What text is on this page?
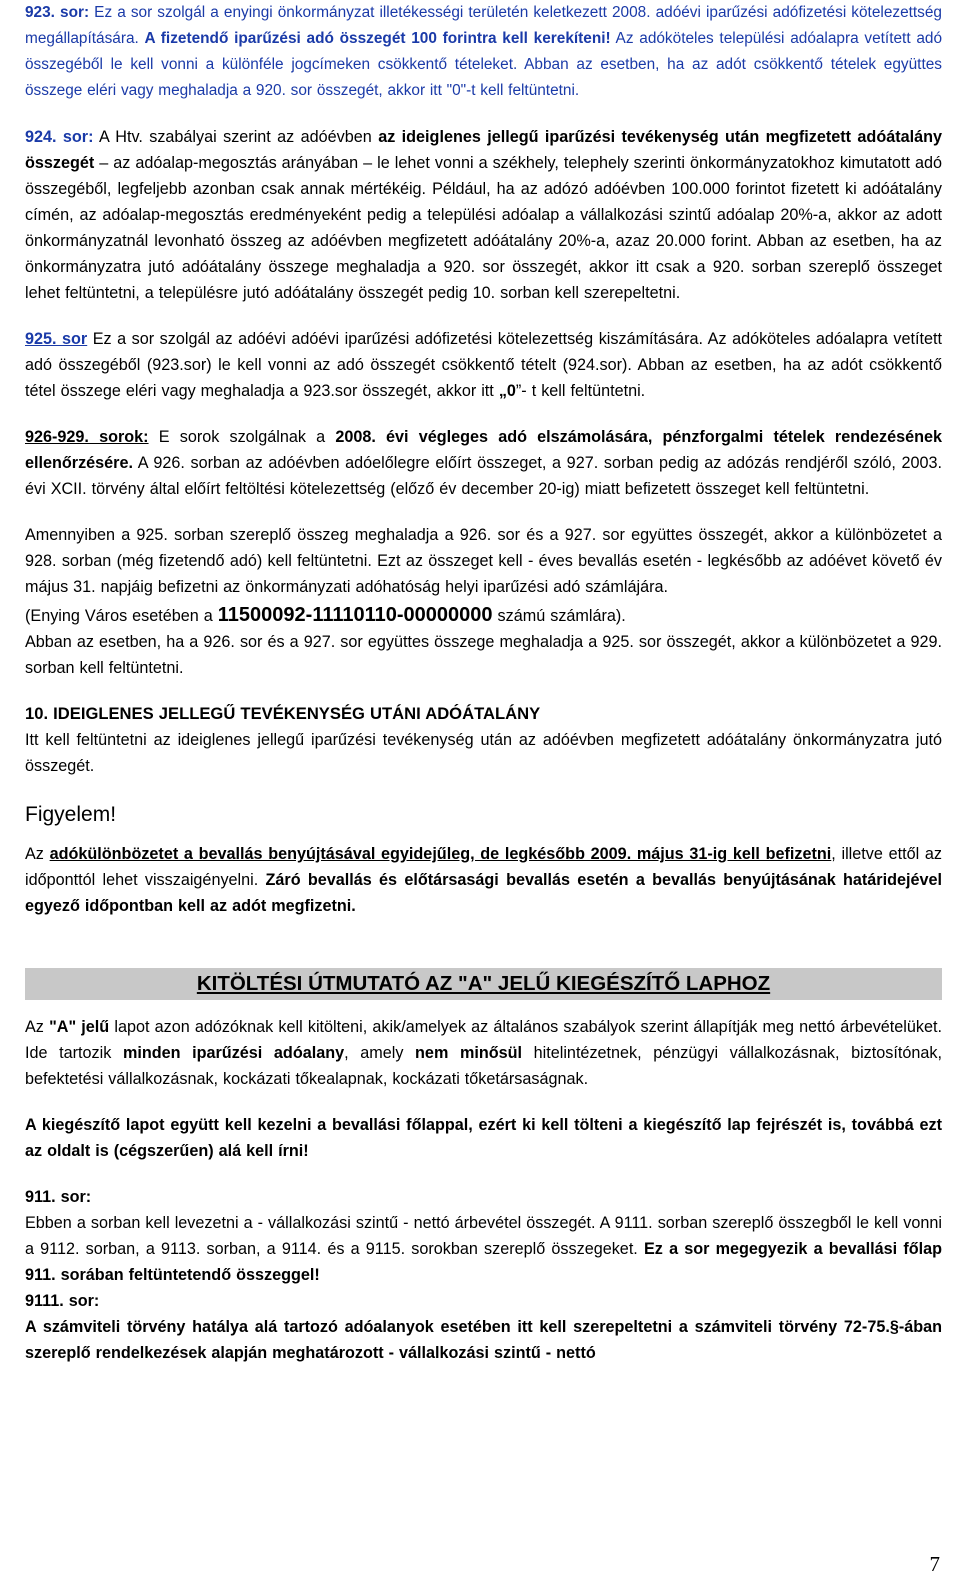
923. sor: Ez a sor szolgál a enyingi önkormányzat illetékességi területén keletkezett 2008. adóévi iparűzési adófizetési kötelezettség megállapítására. A fizetendő iparűzési adó összegét 100 forintra kell kerekíteni! Az adóköteles települési adóalapra vetített adó összegéből le kell vonni a különféle jogcímeken csökkentő tételeket. Abban az esetben, ha az adót csökkentő tételek együttes összege eléri vagy meghaladja a 920. sor összegét, akkor itt "0"-t kell feltüntetni.

924. sor: A Htv. szabályai szerint az adóévben az ideiglenes jellegű iparűzési tevékenység után megfizetett adóátalány összegét – az adóalap-megosztás arányában – le lehet vonni a székhely, telephely szerinti önkormányzatokhoz kimutatott adó összegéből, legfeljebb azonban csak annak mértékéig. Például, ha az adózó adóévben 100.000 forintot fizetett ki adóátalány címén, az adóalap-megosztás eredményeként pedig a települési adóalap a vállalkozási szintű adóalap 20%-a, akkor az adott önkormányzatnál levonható összeg az adóévben megfizetett adóátalány 20%-a, azaz 20.000 forint. Abban az esetben, ha az önkormányzatra jutó adóátalány összege meghaladja a 920. sor összegét, akkor itt csak a 920. sorban szereplő összeget lehet feltüntetni, a településre jutó adóátalány összegét pedig 10. sorban kell szerepeltetni.

925. sor Ez a sor szolgál az adóévi adóévi iparűzési adófizetési kötelezettség kiszámítására. Az adóköteles adóalapra vetített adó összegéből (923.sor) le kell vonni az adó összegét csökkentő tételt (924.sor). Abban az esetben, ha az adót csökkentő tétel összege eléri vagy meghaladja a 923.sor összegét, akkor itt „0”- t kell feltüntetni.

926-929. sorok: E sorok szolgálnak a 2008. évi végleges adó elszámolására, pénzforgalmi tételek rendezésének ellenőrzésére. A 926. sorban az adóévben adóelőlegre előírt összeget, a 927. sorban pedig az adózás rendjéről szóló, 2003. évi XCII. törvény által előírt feltöltési kötelezettség (előző év december 20-ig) miatt befizetett összeget kell feltüntetni.

Amennyiben a 925. sorban szereplő összeg meghaladja a 926. sor és a 927. sor együttes összegét, akkor a különbözetet a 928. sorban (még fizetendő adó) kell feltüntetni. Ezt az összeget kell - éves bevallás esetén - legkésőbb az adóévet követő év május 31. napjáig befizetni az önkormányzati adóhatóság helyi iparűzési adó számlájára.

(Enying Város esetében a 11500092-11110110-00000000 számú számlára).

Abban az esetben, ha a 926. sor és a 927. sor együttes összege meghaladja a 925. sor összegét, akkor a különbözetet a 929. sorban kell feltüntetni.

10. IDEIGLENES JELLEGŰ TEVÉKENYSÉG UTÁNI ADÓÁTALÁNY

Itt kell feltüntetni az ideiglenes jellegű iparűzési tevékenység után az adóévben megfizetett adóátalány önkormányzatra jutó összegét.

Figyelem!

Az adókülönbözetet a bevallás benyújtásával egyidejűleg, de legkésőbb 2009. május 31-ig kell befizetni, illetve ettől az időponttól lehet visszaigényelni. Záró bevallás és előtársasági bevallás esetén a bevallás benyújtásának határidejével egyező időpontban kell az adót megfizetni.

KITÖLTÉSI ÚTMUTATÓ AZ "A" JELŰ KIEGÉSZÍTŐ LAPHOZ

Az "A" jelű lapot azon adózóknak kell kitölteni, akik/amelyek az általános szabályok szerint állapítják meg nettó árbevételüket. Ide tartozik minden iparűzési adóalany, amely nem minősül hitelintézetnek, pénzügyi vállalkozásnak, biztosítónak, befektetési vállalkozásnak, kockázati tőkealapnak, kockázati tőketársaságnak.

A kiegészítő lapot együtt kell kezelni a bevallási főlappal, ezért ki kell tölteni a kiegészítő lap fejrészét is, továbbá ezt az oldalt is (cégszerűen) alá kell írni!

911. sor:

Ebben a sorban kell levezetni a - vállalkozási szintű - nettó árbevétel összegét. A 9111. sorban szereplő összegből le kell vonni a 9112. sorban, a 9113. sorban, a 9114. és a 9115. sorokban szereplő összegeket. Ez a sor megegyezik a bevallási főlap 911. sorában feltüntetendő összeggel!

9111. sor:

A számviteli törvény hatálya alá tartozó adóalanyok esetében itt kell szerepeltetni a számviteli törvény 72-75.§-ában szereplő rendelkezések alapján meghatározott - vállalkozási szintű - nettó

7
